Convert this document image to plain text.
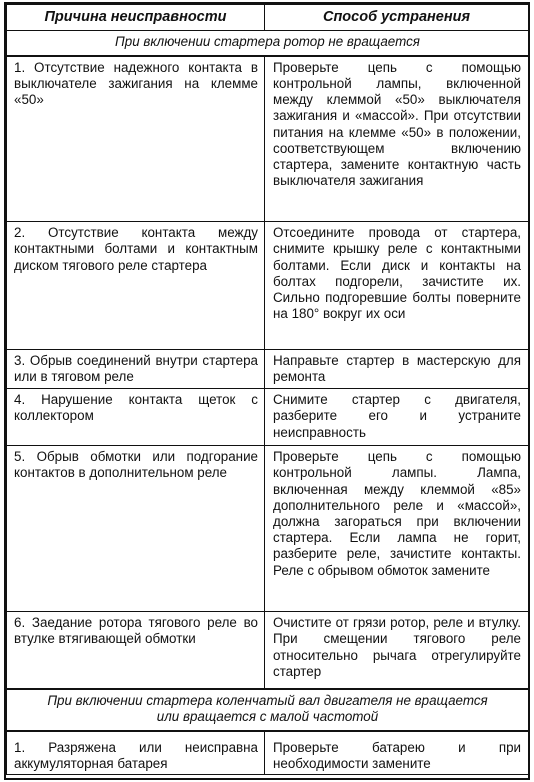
Причина неисправности	Способ устранения
При включении стартера ротор не вращается	
1. Отсутствие надежного контакта в выключателе зажигания на клемме «50»	Проверьте цепь с помощью контрольной лампы, включенной между клеммой «50» выключателя зажигания и «массой». При отсутствии питания на клемме «50» в положении, соответствующем включению стартера, замените контактную часть выключателя зажигания
2. Отсутствие контакта между контактными болтами и контактным диском тягового реле стартера	Отсоедините провода от стартера, снимите крышку реле с контактными болтами. Если диск и контакты на болтах подгорели, зачистите их. Сильно подгоревшие болты поверните на 180° вокруг их оси
3. Обрыв соединений внутри стартера или в тяговом реле	Направьте стартер в мастерскую для ремонта
4. Нарушение контакта щеток с коллектором	Снимите стартер с двигателя, разберите его и устраните неисправность
5. Обрыв обмотки или подгорание контактов в дополнительном реле	Проверьте цепь с помощью контрольной лампы. Лампа, включенная между клеммой «85» дополнительного реле и «массой», должна загораться при включении стартера. Если лампа не горит, разберите реле, зачистите контакты. Реле с обрывом обмоток замените
6. Заедание ротора тягового реле во втулке втягивающей обмотки	Очистите от грязи ротор, реле и втулку. При смещении тягового реле относительно рычага отрегулируйте стартер
При включении стартера коленчатый вал двигателя не вращается
или вращается с малой частотой	
1. Разряжена или неисправна аккумуляторная батарея	Проверьте батарею и при необходимости замените
